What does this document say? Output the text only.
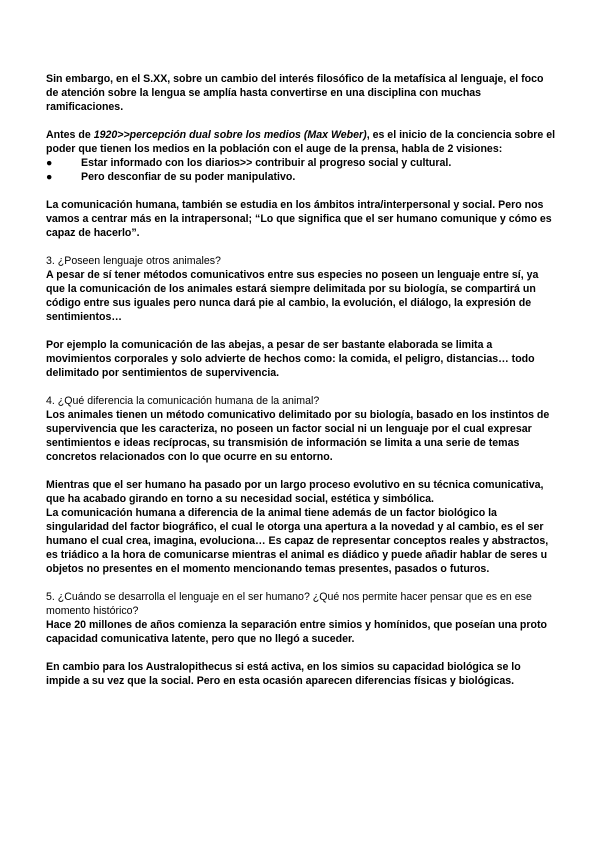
Sin embargo, en el S.XX, sobre un cambio del interés filosófico de la metafísica al lenguaje, el foco de atención sobre la lengua se amplía hasta convertirse en una disciplina con muchas ramificaciones.

Antes de 1920>>percepción dual sobre los medios (Max Weber), es el inicio de la conciencia sobre el poder que tienen los medios en la población con el auge de la prensa, habla de 2 visiones:

●	Estar informado con los diarios>> contribuir al progreso social y cultural.
●	Pero desconfiar de su poder manipulativo.

La comunicación humana, también se estudia en los ámbitos intra/interpersonal y social. Pero nos vamos a centrar más en la intrapersonal; “Lo que significa que el ser humano comunique y cómo es capaz de hacerlo”.

3. ¿Poseen lenguaje otros animales?

A pesar de sí tener métodos comunicativos entre sus especies no poseen un lenguaje entre sí, ya que la comunicación de los animales estará siempre delimitada por su biología, se compartirá un código entre sus iguales pero nunca dará pie al cambio, la evolución, el diálogo, la expresión de sentimientos…

Por ejemplo la comunicación de las abejas, a pesar de ser bastante elaborada se limita a movimientos corporales y solo advierte de hechos como: la comida, el peligro, distancias… todo delimitado por sentimientos de supervivencia.

4. ¿Qué diferencia la comunicación humana de la animal?

Los animales tienen un método comunicativo delimitado por su biología, basado en los instintos de supervivencia que les caracteriza, no poseen un factor social ni un lenguaje por el cual expresar sentimientos e ideas recíprocas, su transmisión de información se limita a una serie de temas concretos relacionados con lo que ocurre en su entorno.

Mientras que el ser humano ha pasado por un largo proceso evolutivo en su técnica comunicativa, que ha acabado girando en torno a su necesidad social, estética y simbólica.

La comunicación humana a diferencia de la animal tiene además de un factor biológico la singularidad del factor biográfico, el cual le otorga una apertura a la novedad y al cambio, es el ser humano el cual crea, imagina, evoluciona… Es capaz de representar conceptos reales y abstractos, es triádico a la hora de comunicarse mientras el animal es diádico y puede añadir hablar de seres u objetos no presentes en el momento mencionando temas presentes, pasados o futuros.

5. ¿Cuándo se desarrolla el lenguaje en el ser humano? ¿Qué nos permite hacer pensar que es en ese momento histórico?

Hace 20 millones de años comienza la separación entre simios y homínidos, que poseían una proto capacidad comunicativa latente, pero que no llegó a suceder.

En cambio para los Australopithecus si está activa, en los simios su capacidad biológica se lo impide a su vez que la social. Pero en esta ocasión aparecen diferencias físicas y biológicas.
